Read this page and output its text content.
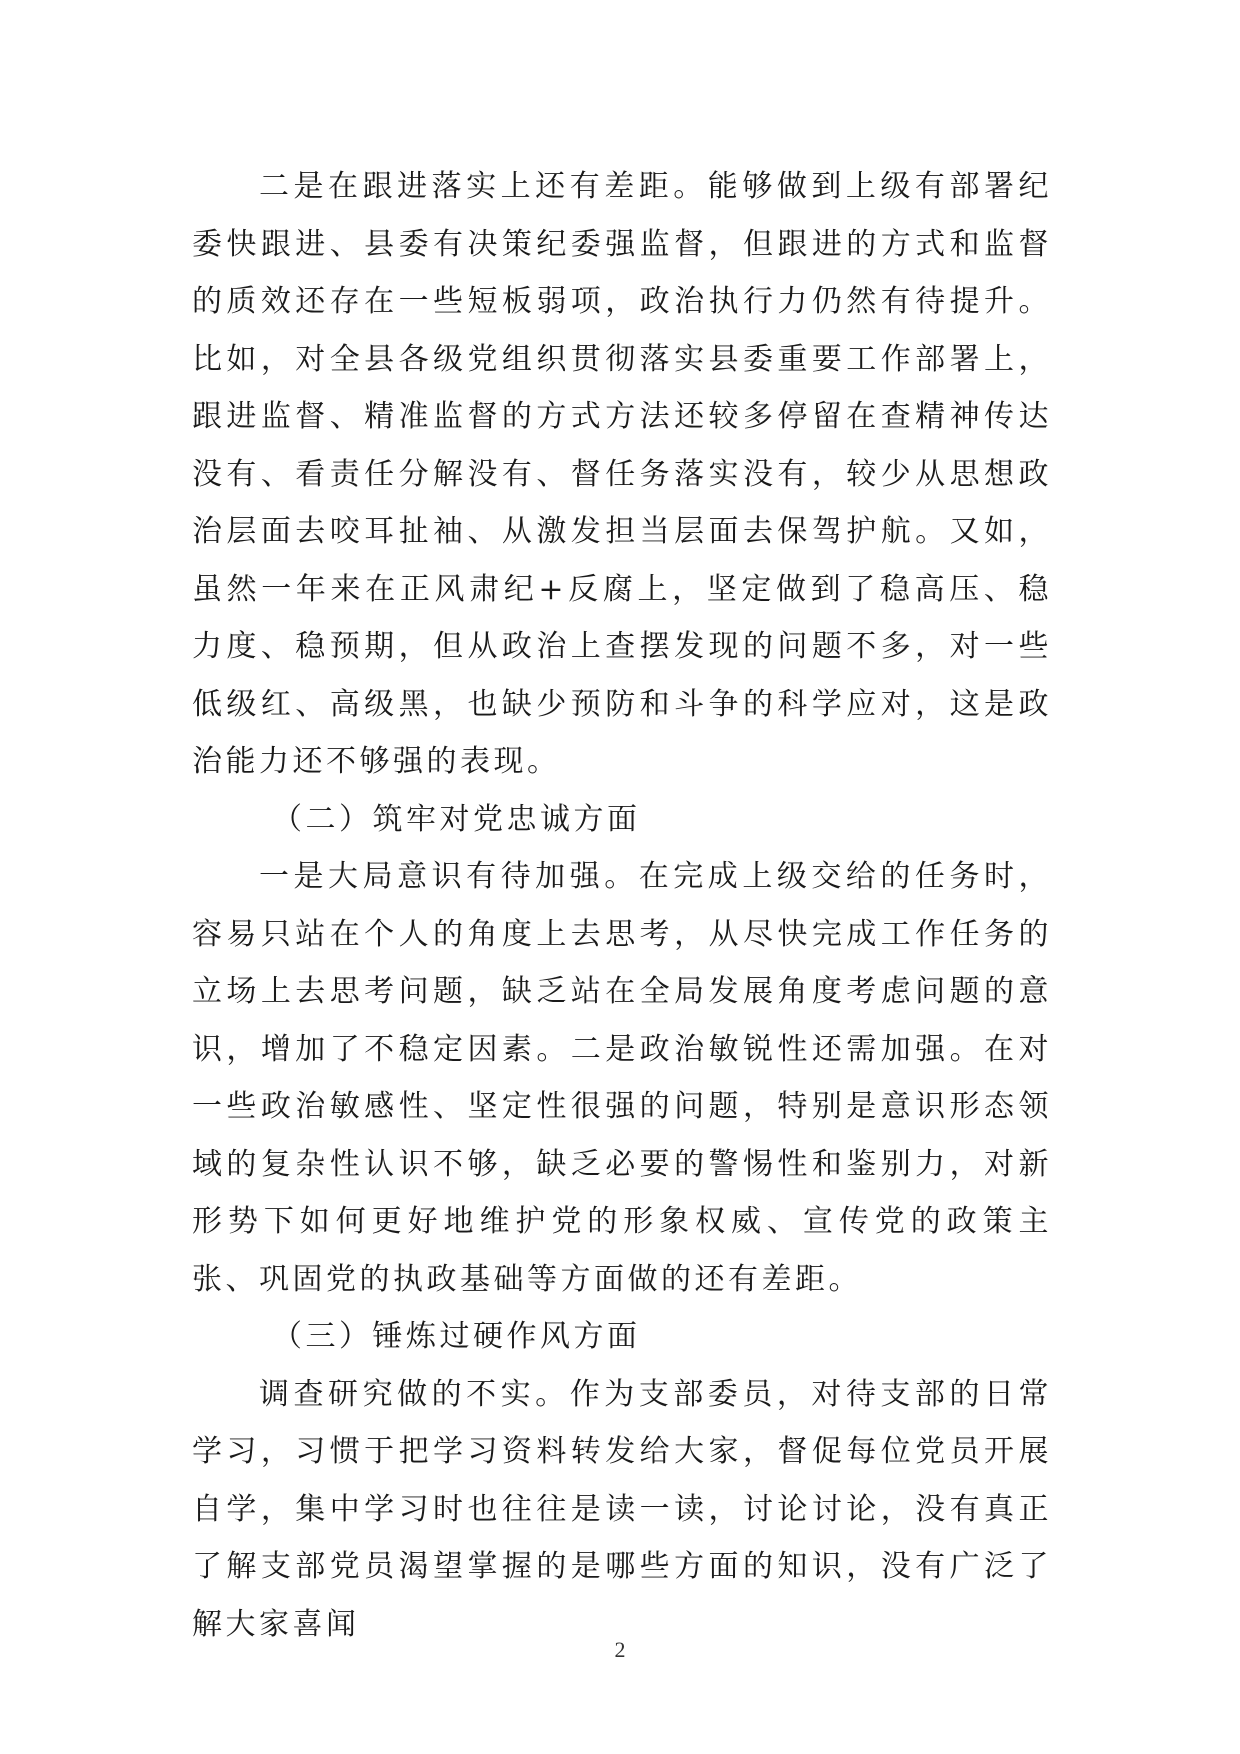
二是在跟进落实上还有差距。能够做到上级有部署纪委快跟进、县委有决策纪委强监督，但跟进的方式和监督的质效还存在一些短板弱项，政治执行力仍然有待提升。比如，对全县各级党组织贯彻落实县委重要工作部署上，跟进监督、精准监督的方式方法还较多停留在查精神传达没有、看责任分解没有、督任务落实没有，较少从思想政治层面去咬耳扯袖、从激发担当层面去保驾护航。又如，虽然一年来在正风肃纪+反腐上，坚定做到了稳高压、稳力度、稳预期，但从政治上查摆发现的问题不多，对一些低级红、高级黑，也缺少预防和斗争的科学应对，这是政治能力还不够强的表现。

（二）筑牢对党忠诚方面

一是大局意识有待加强。在完成上级交给的任务时，容易只站在个人的角度上去思考，从尽快完成工作任务的立场上去思考问题，缺乏站在全局发展角度考虑问题的意识，增加了不稳定因素。二是政治敏锐性还需加强。在对一些政治敏感性、坚定性很强的问题，特别是意识形态领域的复杂性认识不够，缺乏必要的警惕性和鉴别力，对新形势下如何更好地维护党的形象权威、宣传党的政策主张、巩固党的执政基础等方面做的还有差距。

（三）锤炼过硬作风方面

调查研究做的不实。作为支部委员，对待支部的日常学习，习惯于把学习资料转发给大家，督促每位党员开展自学，集中学习时也往往是读一读，讨论讨论，没有真正了解支部党员渴望掌握的是哪些方面的知识，没有广泛了解大家喜闻

2
